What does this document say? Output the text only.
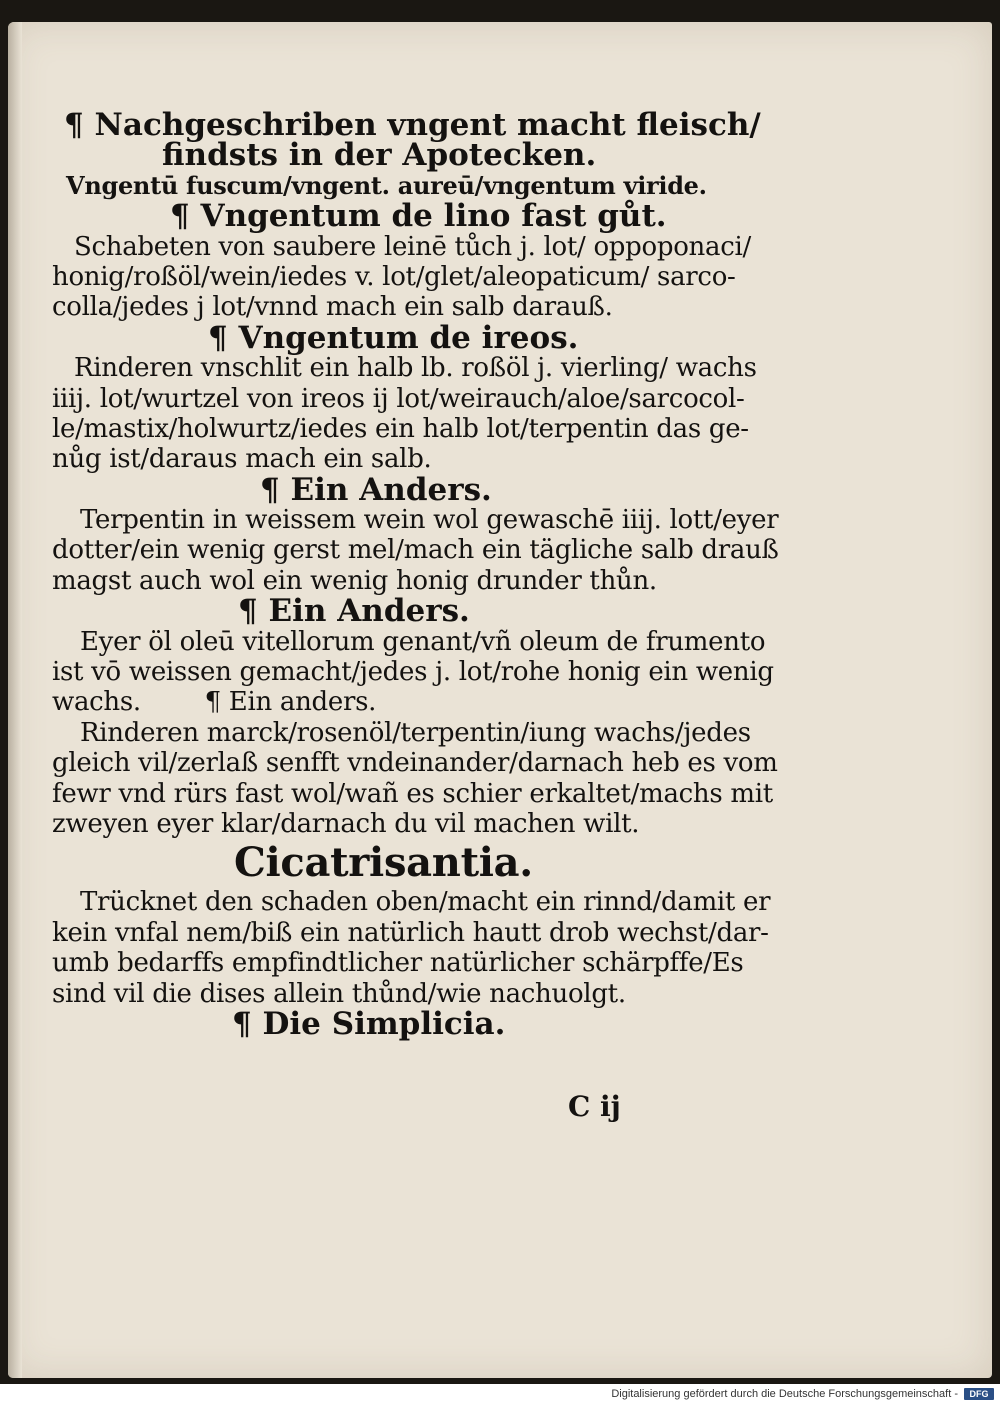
¶ Nachgeschriben vngent macht fleisch/
findsts in der Apotecken.
Vngentū fuscum/vngent. aureū/vngentum viride.
¶ Vngentum de lino fast gůt.
Schabeten von saubere leinē tůch j. lot/ oppoponaci/
honig/roßöl/wein/iedes v. lot/glet/aleopaticum/ sarco-
colla/jedes j lot/vnnd mach ein salb darauß.
¶ Vngentum de ireos.
Rinderen vnschlit ein halb lb. roßöl j. vierling/ wachs
iiij. lot/wurtzel von ireos ij lot/weirauch/aloe/sarcocol-
le/mastix/holwurtz/iedes ein halb lot/terpentin das ge-
nůg ist/daraus mach ein salb.
¶ Ein Anders.
Terpentin in weissem wein wol gewaschē iiij. lott/eyer
dotter/ein wenig gerst mel/mach ein tägliche salb drauß
magst auch wol ein wenig honig drunder thůn.
¶ Ein Anders.
Eyer öl oleū vitellorum genant/vñ oleum de frumento
ist vō weissen gemacht/jedes j. lot/rohe honig ein wenig
wachs.        ¶ Ein anders.
Rinderen marck/rosenöl/terpentin/iung wachs/jedes
gleich vil/zerlaß senfft vndeinander/darnach heb es vom
fewr vnd rürs fast wol/wañ es schier erkaltet/machs mit
zweyen eyer klar/darnach du vil machen wilt.
Cicatrisantia.
Trücknet den schaden oben/macht ein rinnd/damit er
kein vnfal nem/biß ein natürlich hautt drob wechst/dar-
umb bedarffs empfindtlicher natürlicher schärpffe/Es
sind vil die dises allein thůnd/wie nachuolgt.
¶ Die Simplicia.
C ij
Digitalisierung gefördert durch die Deutsche Forschungsgemeinschaft -	DFG
